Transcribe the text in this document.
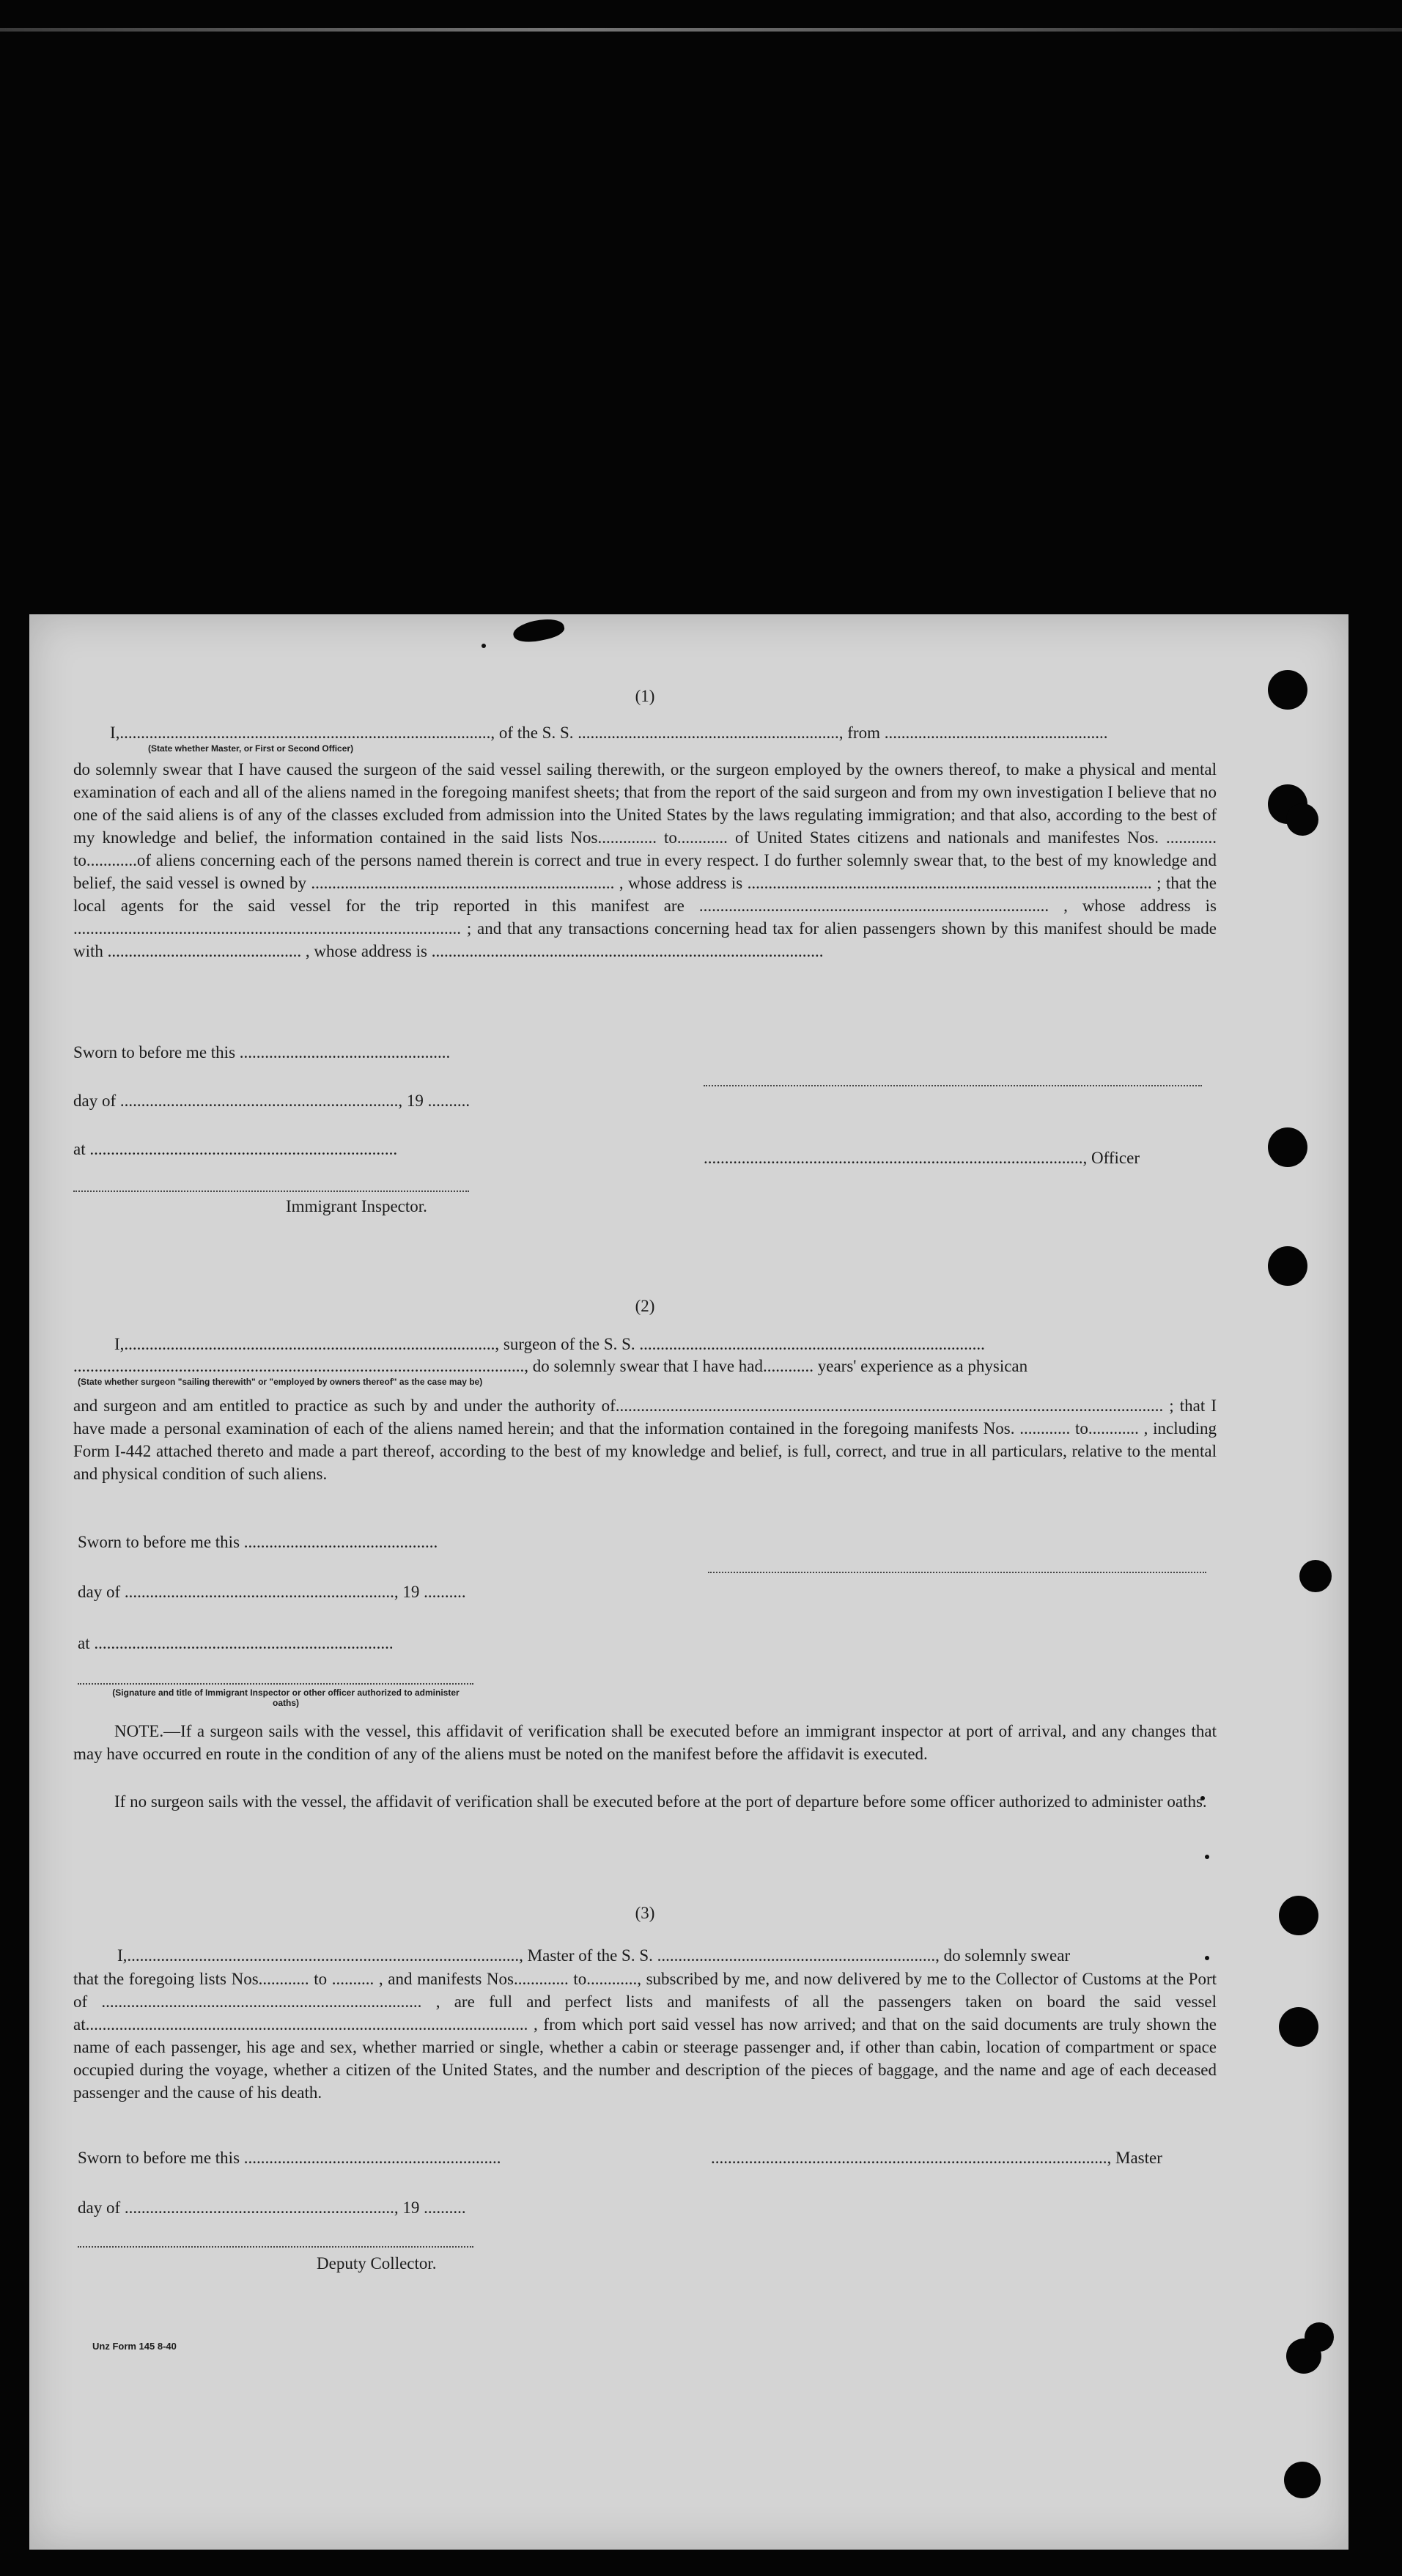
(1)
I,........................................................................................, of the S. S. .............................................................., from .....................................................
(State whether Master, or First or Second Officer)

do solemnly swear that I have caused the surgeon of the said vessel sailing therewith, or the surgeon employed by the owners thereof, to make a physical and mental examination of each and all of the aliens named in the foregoing manifest sheets; that from the report of the said surgeon and from my own investigation I believe that no one of the said aliens is of any of the classes excluded from admission into the United States by the laws regulating immigration; and that also, according to the best of my knowledge and belief, the information contained in the said lists Nos.............. to............ of United States citizens and nationals and manifestes Nos. ............ to............of aliens concerning each of the persons named therein is correct and true in every respect. I do further solemnly swear that, to the best of my knowledge and belief, the said vessel is owned by ........................................................................ , whose address is ................................................................................................ ; that the local agents for the said vessel for the trip reported in this manifest are ................................................................................... , whose address is ............................................................................................ ; and that any transactions concerning head tax for alien passengers shown by this manifest should be made with .............................................. , whose address is .............................................................................................

Sworn to before me this ..................................................
day of .................................................................., 19 ..........
at .........................................................................	.........................................................................................., Officer
Immigrant Inspector.
(2)
I,........................................................................................, surgeon of the S. S. ..................................................................................
..........................................................................................................., do solemnly swear that I have had............ years' experience as a physican
(State whether surgeon "sailing therewith" or "employed by owners thereof" as the case may be)

and surgeon and am entitled to practice as such by and under the authority of.................................................................................................................................. ; that I have made a personal examination of each of the aliens named herein; and that the information contained in the foregoing manifests Nos. ............ to............ , including Form I-442 attached thereto and made a part thereof, according to the best of my knowledge and belief, is full, correct, and true in all particulars, relative to the mental and physical condition of such aliens.

Sworn to before me this ..............................................
day of ................................................................, 19 ..........
at .......................................................................
(Signature and title of Immigrant Inspector or other officer authorized to administer oaths)

NOTE.—If a surgeon sails with the vessel, this affidavit of verification shall be executed before an immigrant inspector at port of arrival, and any changes that may have occurred en route in the condition of any of the aliens must be noted on the manifest before the affidavit is executed.

If no surgeon sails with the vessel, the affidavit of verification shall be executed before at the port of departure before some officer authorized to administer oaths.

(3)
I,............................................................................................., Master of the S. S. .................................................................., do solemnly swear

that the foregoing lists Nos............ to .......... , and manifests Nos............. to............, subscribed by me, and now delivered by me to the Collector of Customs at the Port of ............................................................................ , are full and perfect lists and manifests of all the passengers taken on board the said vessel at......................................................................................................... , from which port said vessel has now arrived; and that on the said documents are truly shown the name of each passenger, his age and sex, whether married or single, whether a cabin or steerage passenger and, if other than cabin, location of compartment or space occupied during the voyage, whether a citizen of the United States, and the number and description of the pieces of baggage, and the name and age of each deceased passenger and the cause of his death.

Sworn to before me this .............................................................	.............................................................................................., Master
day of ................................................................, 19 ..........
Deputy Collector.
Unz Form 145 8-40
